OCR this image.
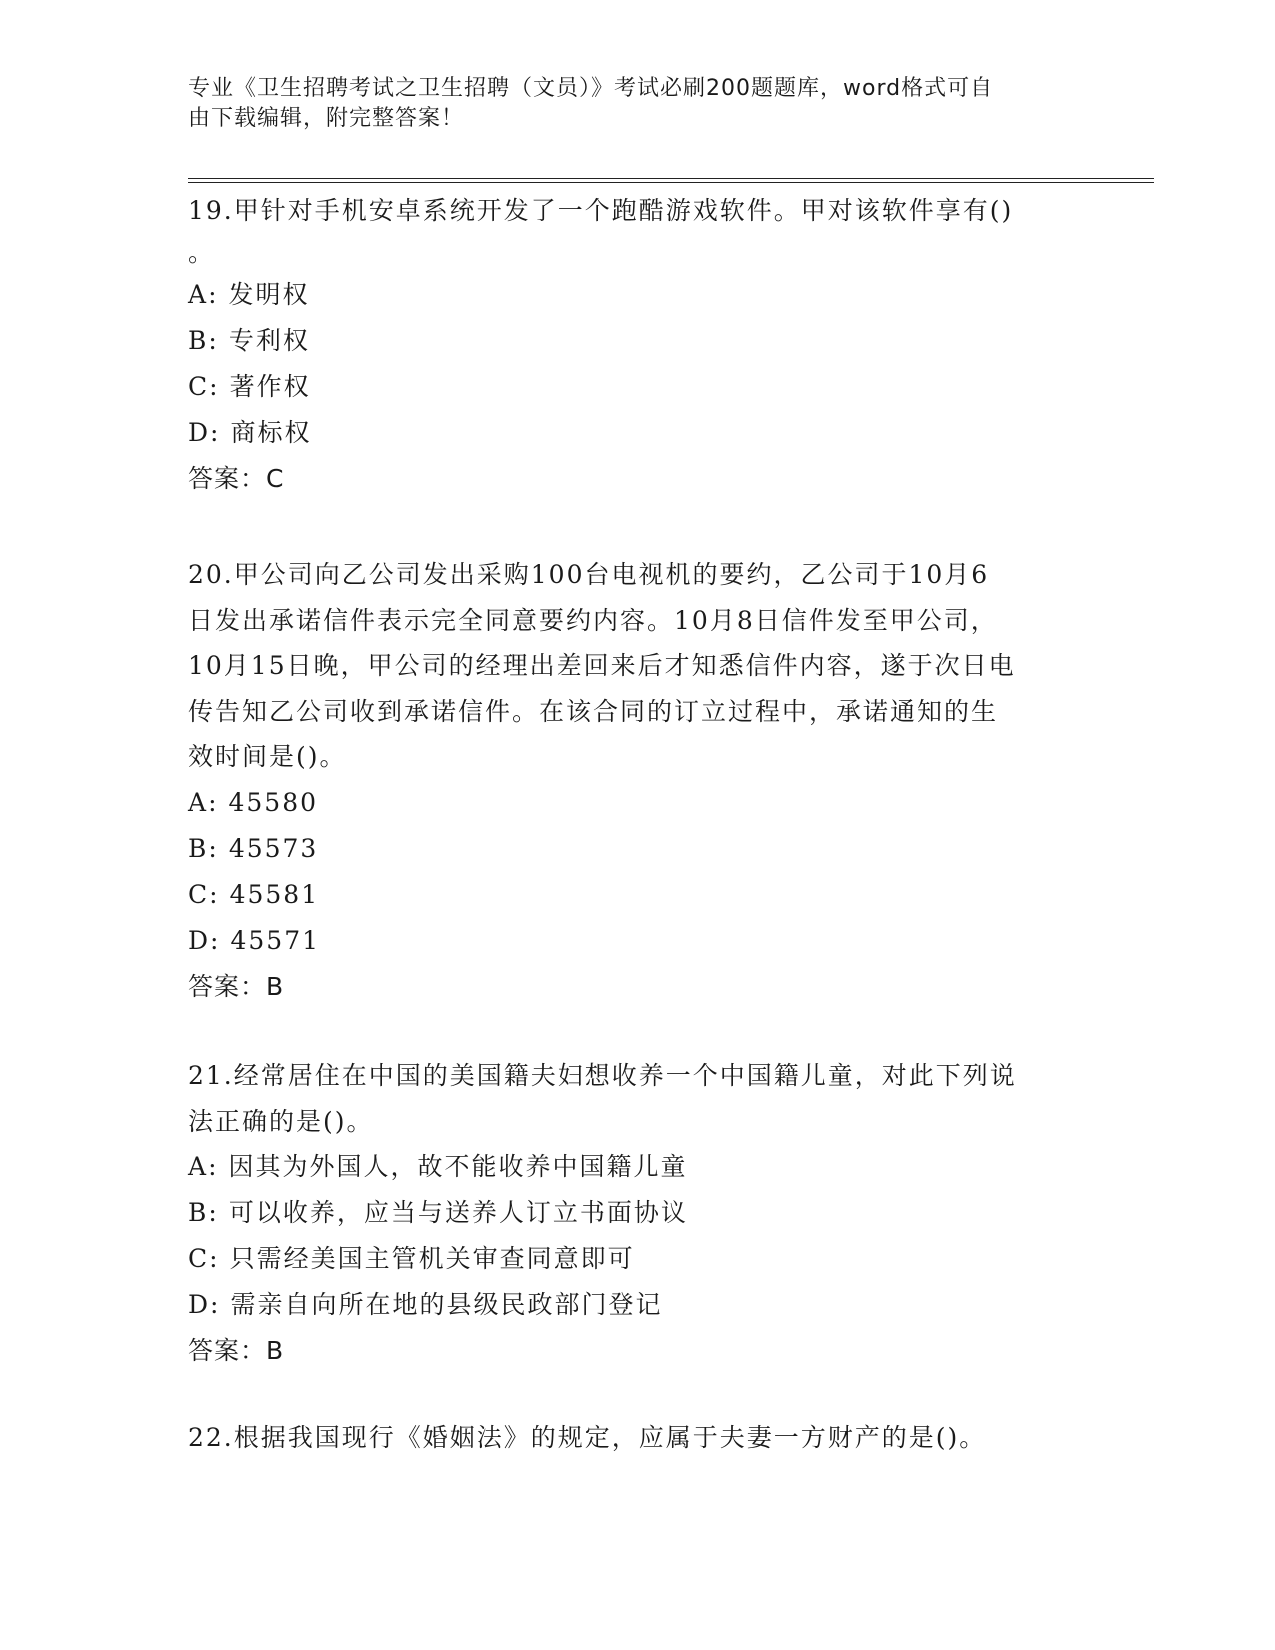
专业《卫生招聘考试之卫生招聘（文员）》考试必刷200题题库，word格式可自
由下载编辑，附完整答案！
19.甲针对手机安卓系统开发了一个跑酷游戏软件。甲对该软件享有()
。
A: 发明权
B: 专利权
C: 著作权
D: 商标权
答案：C
20.甲公司向乙公司发出采购100台电视机的要约，乙公司于10月6
日发出承诺信件表示完全同意要约内容。10月8日信件发至甲公司，
10月15日晚，甲公司的经理出差回来后才知悉信件内容，遂于次日电
传告知乙公司收到承诺信件。在该合同的订立过程中，承诺通知的生
效时间是()。
A: 45580
B: 45573
C: 45581
D: 45571
答案：B
21.经常居住在中国的美国籍夫妇想收养一个中国籍儿童，对此下列说
法正确的是()。
A: 因其为外国人，故不能收养中国籍儿童
B: 可以收养，应当与送养人订立书面协议
C: 只需经美国主管机关审查同意即可
D: 需亲自向所在地的县级民政部门登记
答案：B
22.根据我国现行《婚姻法》的规定，应属于夫妻一方财产的是()。
